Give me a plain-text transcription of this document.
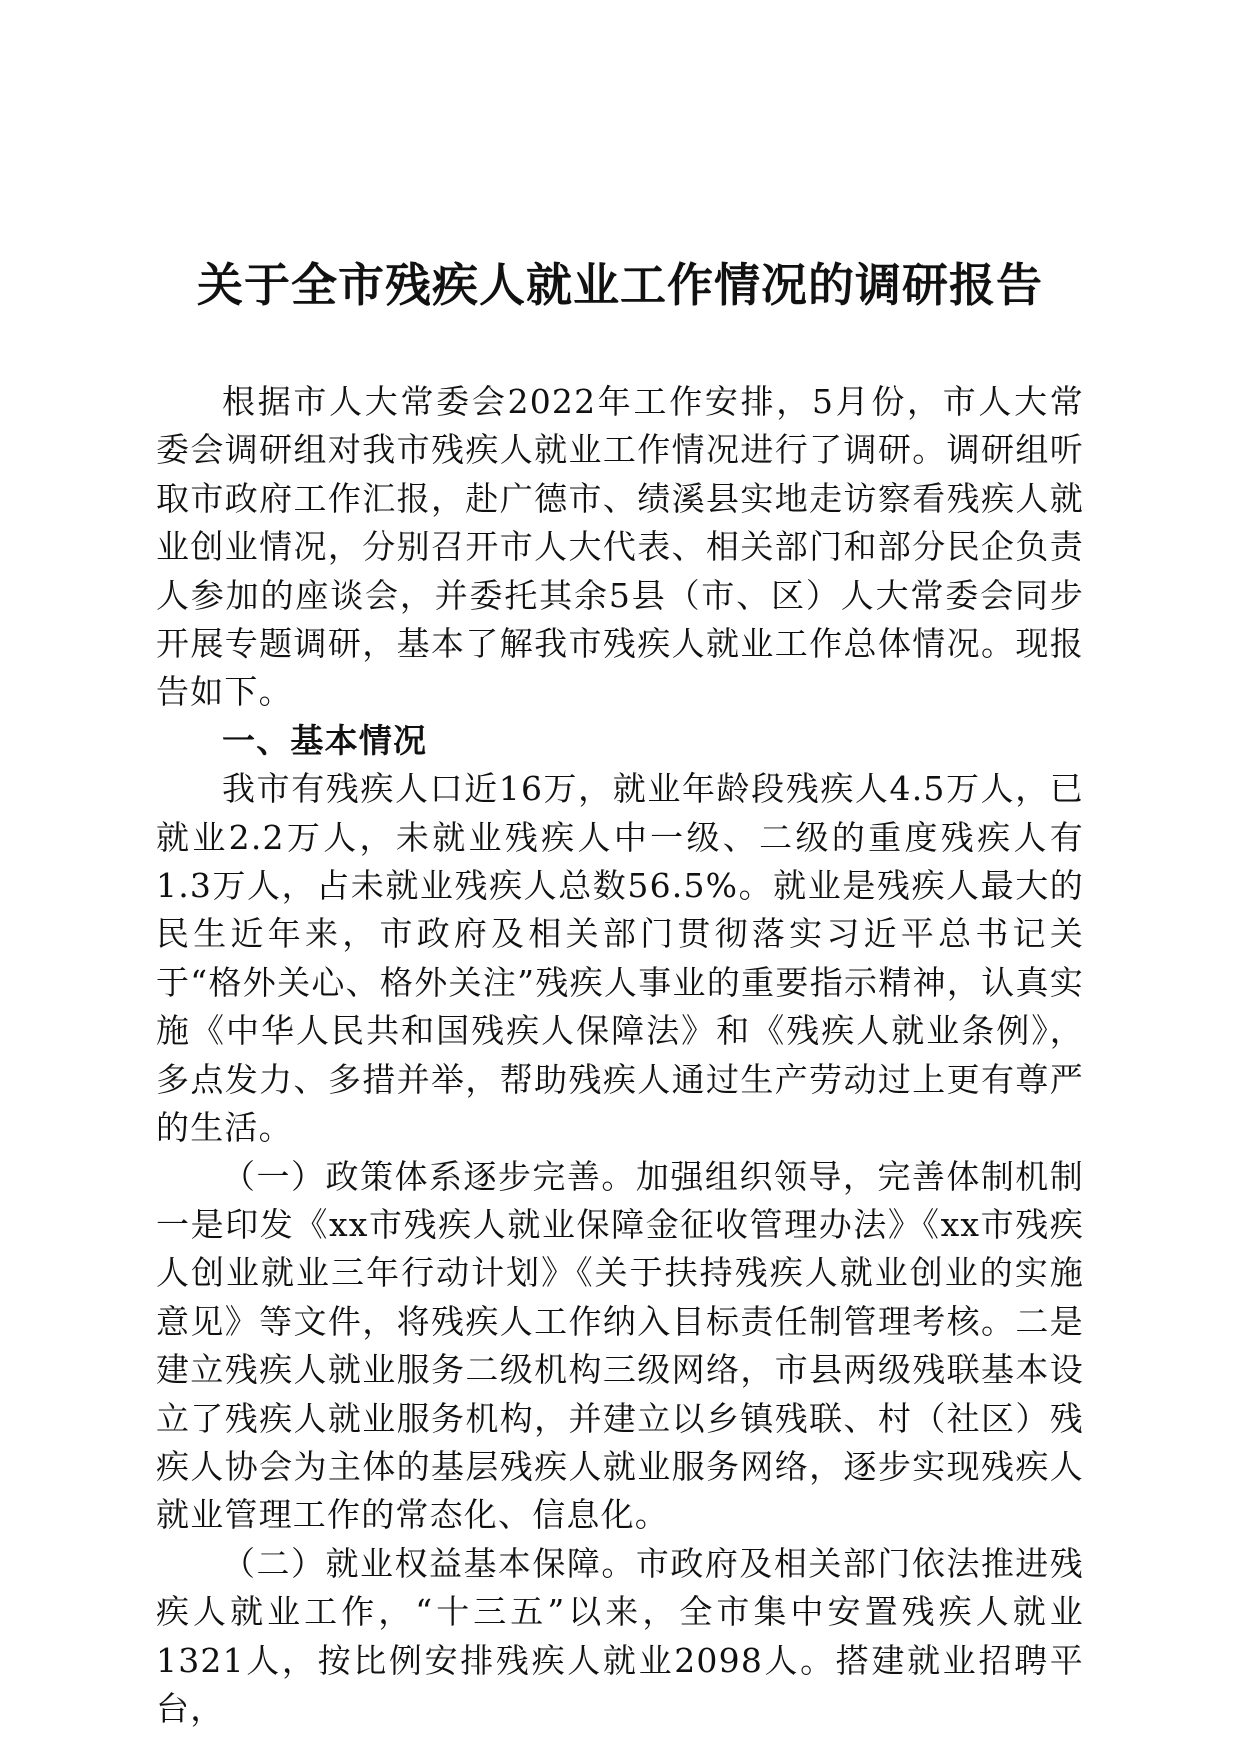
关于全市残疾人就业工作情况的调研报告

根据市人大常委会2022年工作安排，5月份，市人大常委会调研组对我市残疾人就业工作情况进行了调研。调研组听取市政府工作汇报，赴广德市、绩溪县实地走访察看残疾人就业创业情况，分别召开市人大代表、相关部门和部分民企负责人参加的座谈会，并委托其余5县（市、区）人大常委会同步开展专题调研，基本了解我市残疾人就业工作总体情况。现报告如下。

一、基本情况

我市有残疾人口近16万，就业年龄段残疾人4.5万人，已就业2.2万人，未就业残疾人中一级、二级的重度残疾人有1.3万人，占未就业残疾人总数56.5%。就业是残疾人最大的民生近年来，市政府及相关部门贯彻落实习近平总书记关于“格外关心、格外关注”残疾人事业的重要指示精神，认真实施《中华人民共和国残疾人保障法》和《残疾人就业条例》，多点发力、多措并举，帮助残疾人通过生产劳动过上更有尊严的生活。

（一）政策体系逐步完善。加强组织领导，完善体制机制一是印发《xx市残疾人就业保障金征收管理办法》《xx市残疾人创业就业三年行动计划》《关于扶持残疾人就业创业的实施意见》等文件，将残疾人工作纳入目标责任制管理考核。二是建立残疾人就业服务二级机构三级网络，市县两级残联基本设立了残疾人就业服务机构，并建立以乡镇残联、村（社区）残疾人协会为主体的基层残疾人就业服务网络，逐步实现残疾人就业管理工作的常态化、信息化。

（二）就业权益基本保障。市政府及相关部门依法推进残疾人就业工作，“十三五”以来，全市集中安置残疾人就业1321人，按比例安排残疾人就业2098人。搭建就业招聘平台，
